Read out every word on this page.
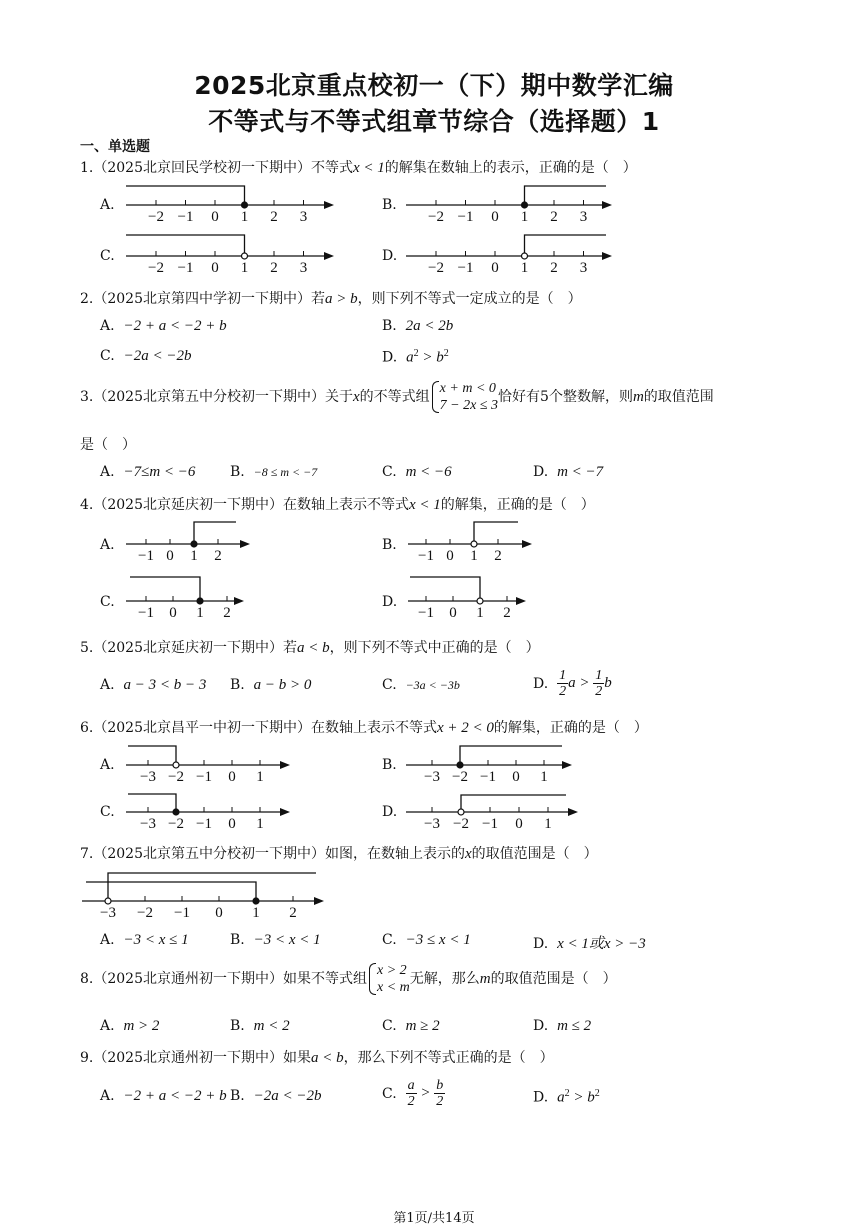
2025北京重点校初一（下）期中数学汇编
不等式与不等式组章节综合（选择题）1
一、单选题
1.（2025北京回民学校初一下期中）不等式x < 1的解集在数轴上的表示，正确的是（　）
A.	B.
C.	D.
−2 −1 0 1 2 3	−2 −1 0 1 2 3
−2 −1 0 1 2 3	−2 −1 0 1 2 3
−1 0 1 2	−1 0 1 2
−1 0 1 2	−1 0 1 2
−3 −2 −1 0 1	−3 −2 −1 0 1
−3 −2 −1 0 1	−3 −2 −1 0 1
−3 −2 −1 0 1 2
2.（2025北京第四中学初一下期中）若a > b，则下列不等式一定成立的是（　）
A. −2 + a < −2 + b	B. 2a < 2b
C. −2a < −2b	D. $a^2 > b^2$
3.（2025北京第五中分校初一下期中）关于x的不等式组
x + m < 0
7 − 2x ≤ 3
恰好有5个整数解，则m的取值范围
是（　）
A. −7≤m < −6 B. −8 ≤ m < −7	C. m < −6	D. m < −7
4.（2025北京延庆初一下期中）在数轴上表示不等式x < 1的解集，正确的是（　）
A.	B.
C.	D.
5.（2025北京延庆初一下期中）若a < b，则下列不等式中正确的是（　）
A. a − 3 < b − 3 B. a − b > 0	C. −3a < −3b	D. $\frac{1}{2}$ $a > \frac{1}{2}$ b
6.（2025北京昌平一中初一下期中）在数轴上表示不等式x + 2 < 0的解集，正确的是（　）
A.	B.
C.	D.
7.（2025北京第五中分校初一下期中）如图，在数轴上表示的x的取值范围是（　）
A. −3 < x ≤ 1	B. −3 < x < 1	C. −3 ≤ x < 1	D. x < 1或x > −3
8.（2025北京通州初一下期中）如果不等式组
x > 2
x < m
无解，那么m的取值范围是（　）
A. m > 2	B. m < 2	C. m ≥ 2	D. m ≤ 2
9.（2025北京通州初一下期中）如果a < b，那么下列不等式正确的是（　）
A. −2 + a < −2 + b B. −2a < −2b	C. $\frac{a}{2} > \frac{b}{2}$	D. $a^2 > b^2$
第1页/共14页
